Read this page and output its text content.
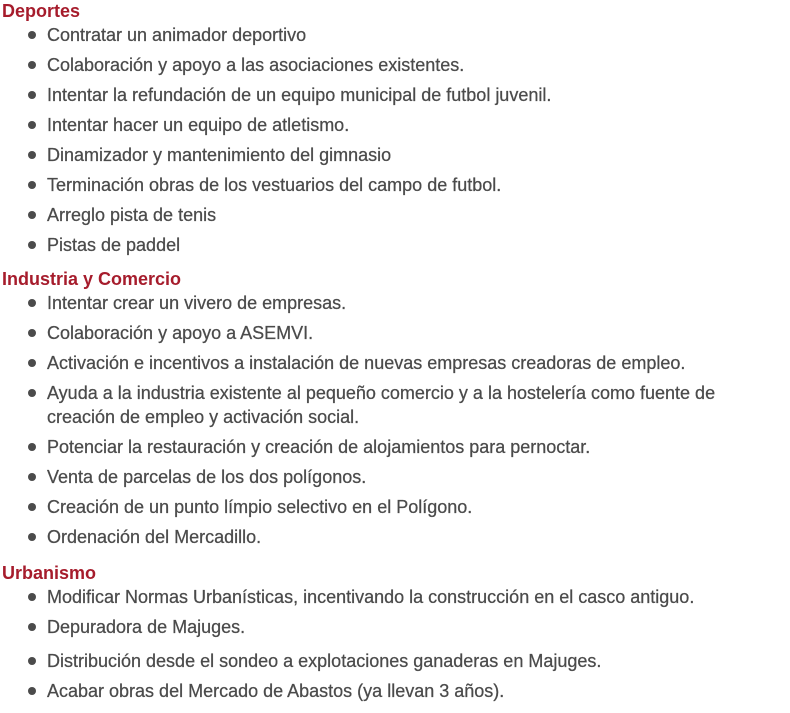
Deportes
Contratar un animador deportivo
Colaboración y apoyo a las asociaciones existentes.
Intentar la refundación de un equipo municipal de futbol juvenil.
Intentar hacer un equipo de atletismo.
Dinamizador y mantenimiento del gimnasio
Terminación obras de los vestuarios del campo de futbol.
Arreglo pista de tenis
Pistas de paddel
Industria y Comercio
Intentar crear un vivero de empresas.
Colaboración y apoyo a ASEMVI.
Activación e incentivos a instalación de nuevas empresas creadoras de empleo.
Ayuda a la industria existente al pequeño comercio y a la hostelería como fuente de creación de empleo y activación social.
Potenciar la restauración y creación de alojamientos para pernoctar.
Venta de parcelas de los dos polígonos.
Creación de un punto límpio selectivo en el Polígono.
Ordenación del Mercadillo.
Urbanismo
Modificar Normas Urbanísticas, incentivando la construcción en el casco antiguo.
Depuradora de Majuges.
Distribución desde el sondeo a explotaciones ganaderas en Majuges.
Acabar obras del Mercado de Abastos (ya llevan 3 años).
